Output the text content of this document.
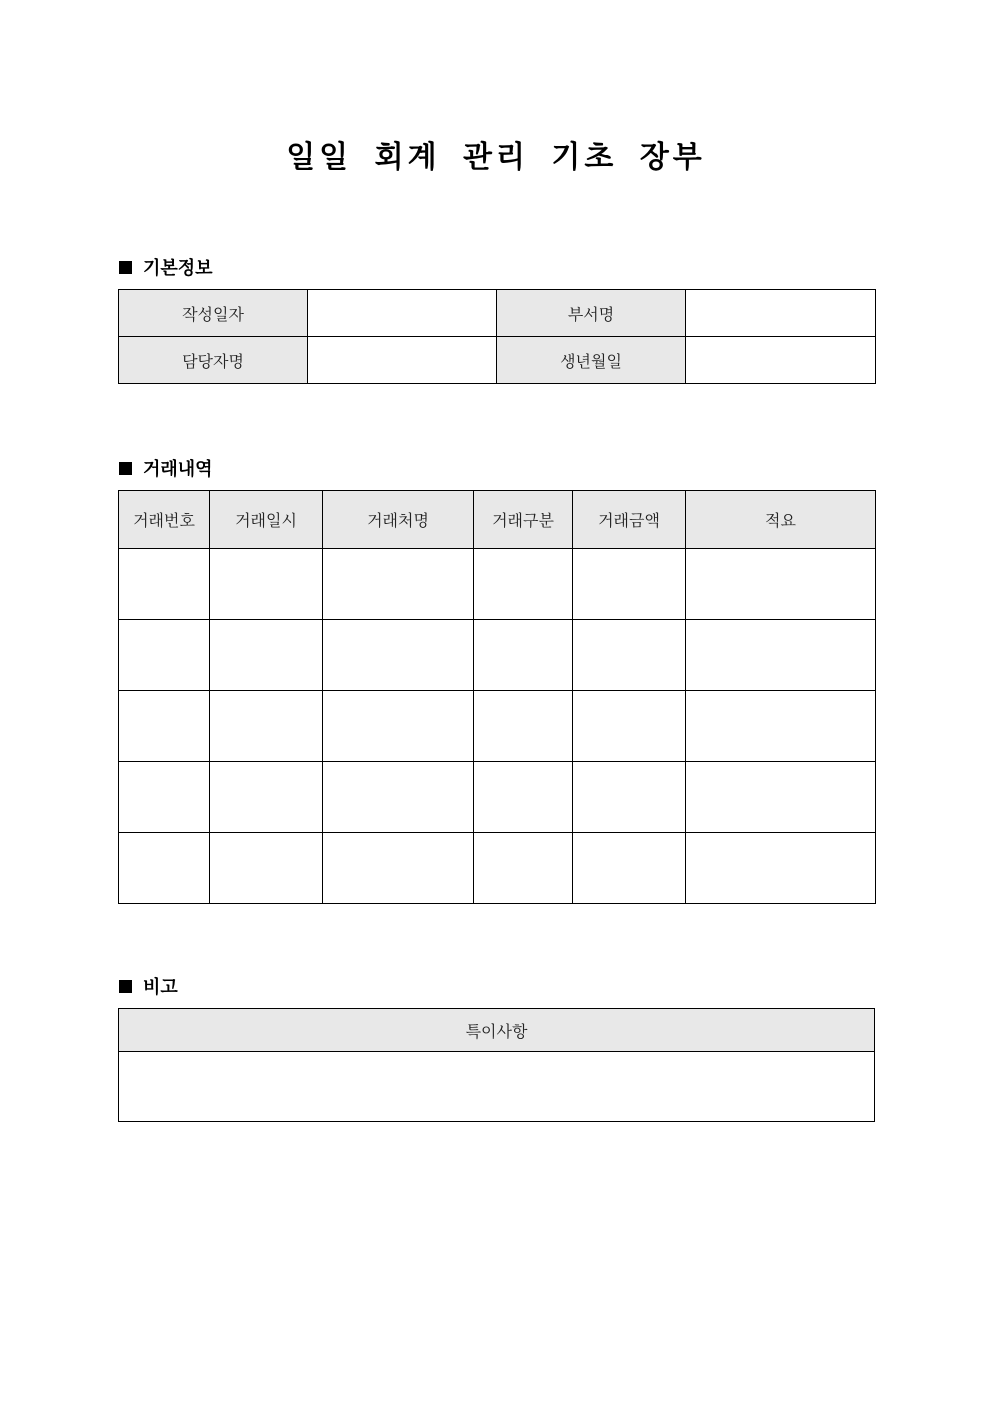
일일 회계 관리 기초 장부
기본정보
작성일자		부서명	
담당자명		생년월일	
거래내역
거래번호	거래일시	거래처명	거래구분	거래금액	적요

비고
특이사항
